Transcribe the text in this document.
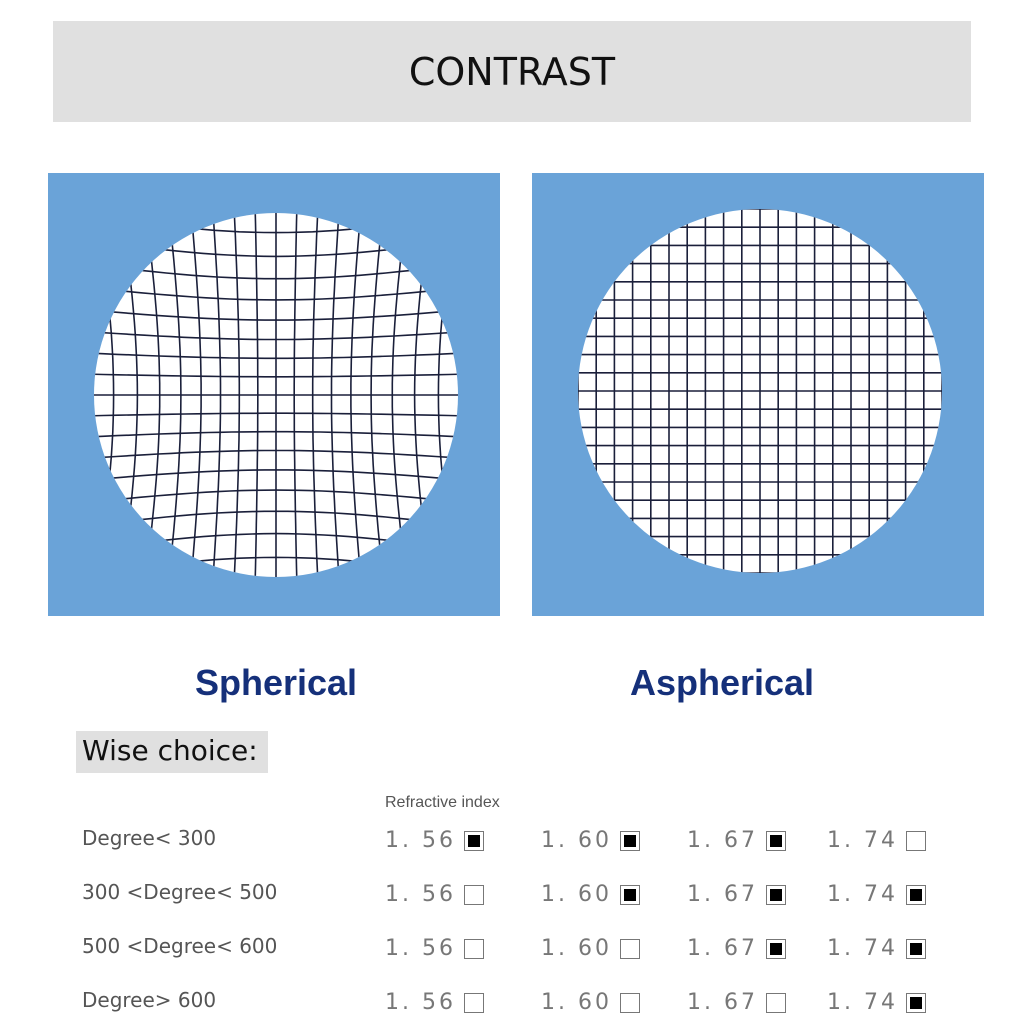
CONTRAST
Spherical	Aspherical
Wise choice:
Refractive index
Degree< 300	1. 56	1. 60	1. 67	1. 74
300 <Degree< 500	1. 56	1. 60	1. 67	1. 74
500 <Degree< 600	1. 56	1. 60	1. 67	1. 74
Degree> 600	1. 56	1. 60	1. 67	1. 74
